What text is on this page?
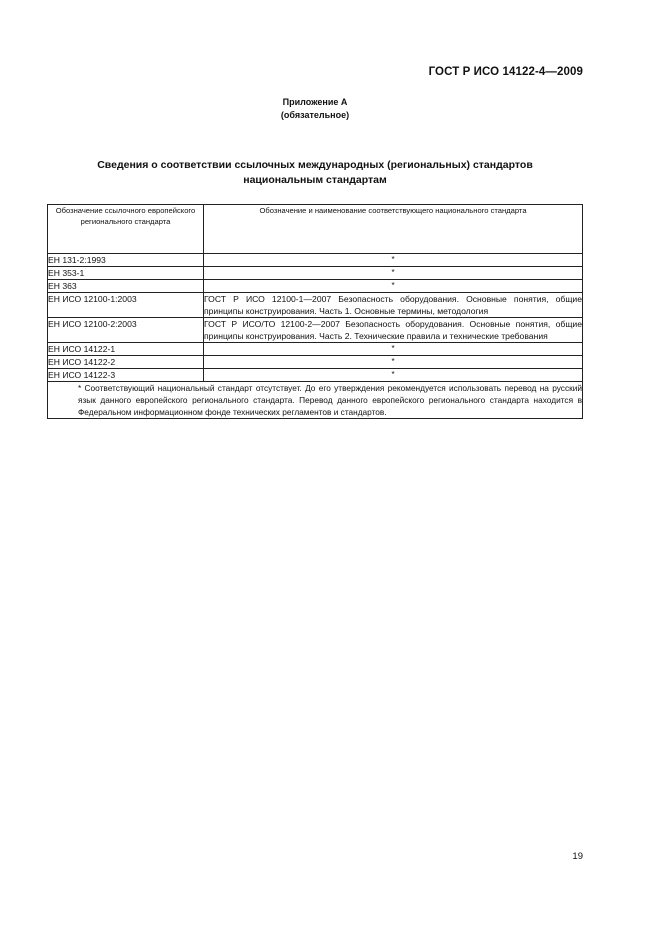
ГОСТ Р ИСО 14122-4—2009
Приложение А
(обязательное)
Сведения о соответствии ссылочных международных (региональных) стандартов
национальным стандартам
Обозначение ссылочного европейского регионального стандарта	Обозначение и наименование соответствующего национального стандарта
ЕН 131-2:1993	*
ЕН 353-1	*
ЕН 363	*
ЕН ИСО 12100-1:2003	ГОСТ Р ИСО 12100-1—2007 Безопасность оборудования. Основные понятия, общие принципы конструирования. Часть 1. Основные термины, методология
ЕН ИСО 12100-2:2003	ГОСТ Р ИСО/ТО 12100-2—2007 Безопасность оборудования. Основные понятия, общие принципы конструирования. Часть 2. Технические правила и технические требования
ЕН ИСО 14122-1	*
ЕН ИСО 14122-2	*
ЕН ИСО 14122-3	*

* Соответствующий национальный стандарт отсутствует. До его утверждения рекомендуется использовать перевод на русский язык данного европейского регионального стандарта. Перевод данного европейского регионального стандарта находится в Федеральном информационном фонде технических регламентов и стандартов.	
19
